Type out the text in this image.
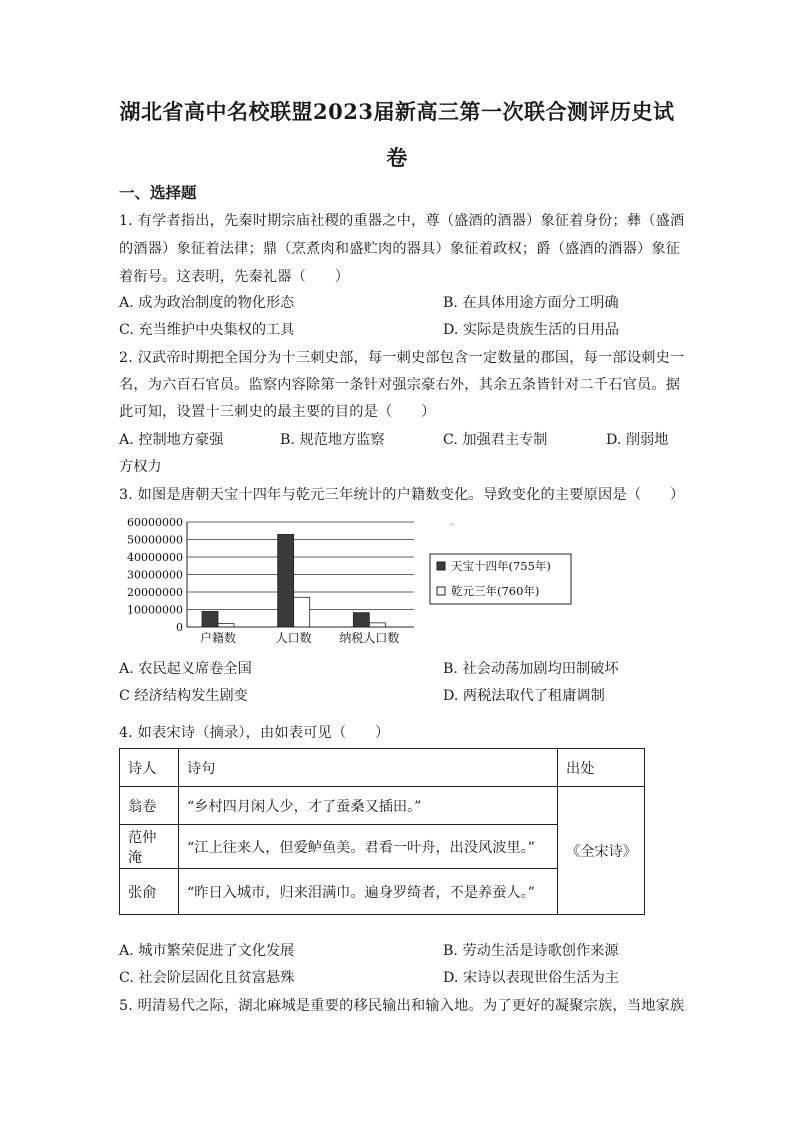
湖北省高中名校联盟2023届新高三第一次联合测评历史试
卷
一、选择题
1. 有学者指出，先秦时期宗庙社稷的重器之中，尊（盛酒的酒器）象征着身份；彝（盛酒
的酒器）象征着法律；鼎（烹煮肉和盛贮肉的器具）象征着政权；爵（盛酒的酒器）象征
着衔号。这表明，先秦礼器（　　）
A. 成为政治制度的物化形态	B. 在具体用途方面分工明确
C. 充当维护中央集权的工具	D. 实际是贵族生活的日用品
2. 汉武帝时期把全国分为十三刺史部，每一刺史部包含一定数量的郡国，每一部设刺史一
名，为六百石官员。监察内容除第一条针对强宗豪右外，其余五条皆针对二千石官员。据
此可知，设置十三刺史的最主要的目的是（　　）
A. 控制地方豪强	B. 规范地方监察	C. 加强君主专制	D. 削弱地
方权力
3. 如图是唐朝天宝十四年与乾元三年统计的户籍数变化。导致变化的主要原因是（　　）
·
60000000
50000000
40000000
30000000
20000000
10000000
0
户籍数	人口数 纳税人口数
天宝十四年(755年)
乾元三年(760年)
A. 农民起义席卷全国	B. 社会动荡加剧均田制破坏
C 经济结构发生剧变	D. 两税法取代了租庸调制
4. 如表宋诗（摘录），由如表可见（　　）
诗人	诗句	出处
翁卷	“乡村四月闲人少，才了蚕桑又插田。”	《全宋诗》
范仲淹	“江上往来人，但爱鲈鱼美。君看一叶舟，出没风波里。”	
张俞	“昨日入城市，归来泪满巾。遍身罗绮者，不是养蚕人。”	
A. 城市繁荣促进了文化发展	B. 劳动生活是诗歌创作来源
C. 社会阶层固化且贫富悬殊	D. 宋诗以表现世俗生活为主
5. 明清易代之际，湖北麻城是重要的移民输出和输入地。为了更好的凝聚宗族，当地家族
